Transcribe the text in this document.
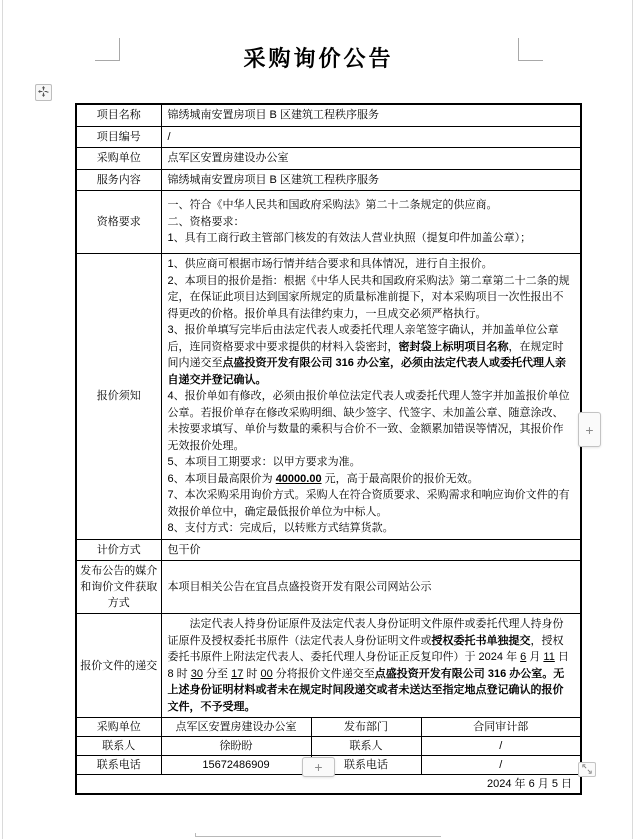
采购询价公告
项目名称	锦绣城南安置房项目 B 区建筑工程秩序服务		

项目编号	/		

采购单位	点军区安置房建设办公室		

服务内容	锦绣城南安置房项目 B 区建筑工程秩序服务		

资格要求	一、符合《中华人民共和国政府采购法》第二十二条规定的供应商。
二、资格要求：
1、具有工商行政主管部门核发的有效法人营业执照（提复印件加盖公章）；		

报价须知	
1、供应商可根据市场行情并结合要求和具体情况，进行自主报价。
2、本项目的报价是指：根据《中华人民共和国政府采购法》第二章第二十二条的规定，在保证此项目达到国家所规定的质量标准前提下，对本采购项目一次性报出不得更改的价格。报价单具有法律约束力，一旦成交必须严格执行。
3、报价单填写完毕后由法定代表人或委托代理人亲笔签字确认，并加盖单位公章后，连同资格要求中要求提供的材料入袋密封，密封袋上标明项目名称，在规定时间内递交至点盛投资开发有限公司 316 办公室，必须由法定代表人或委托代理人亲自递交并登记确认。
4、报价单如有修改，必须由报价单位法定代表人或委托代理人签字并加盖报价单位公章。若报价单存在修改采购明细、缺少签字、代签字、未加盖公章、随意涂改、未按要求填写、单价与数量的乘积与合价不一致、金额累加错误等情况，其报价作无效报价处理。
5、本项目工期要求：以甲方要求为准。
6、本项目最高限价为 40000.00 元，高于最高限价的报价无效。
7、本次采购采用询价方式。采购人在符合资质要求、采购需求和响应询价文件的有效报价单位中，确定最低报价单位为中标人。
8、支付方式：完成后，以转账方式结算货款。

计价方式	包干价		

发布公告的媒介和询价文件获取方式	本项目相关公告在宜昌点盛投资开发有限公司网站公示		

报价文件的递交	　　法定代表人持身份证原件及法定代表人身份证明文件原件或委托代理人持身份证原件及授权委托书原件（法定代表人身份证明文件或授权委托书单独提交，授权委托书原件上附法定代表人、委托代理人身份证正反复印件）于 2024 年 6 月 11 日 8 时 30 分至 17 时 00 分将报价文件递交至点盛投资开发有限公司 316 办公室。无上述身份证明材料或者未在规定时间段递交或者未送达至指定地点登记确认的报价文件，不予受理。		

采购单位	点军区安置房建设办公室	发布部门	合同审计部
联系人	徐盼盼	联系人	/
联系电话	15672486909	联系电话	/
2024 年 6 月 5 日			
+
+
